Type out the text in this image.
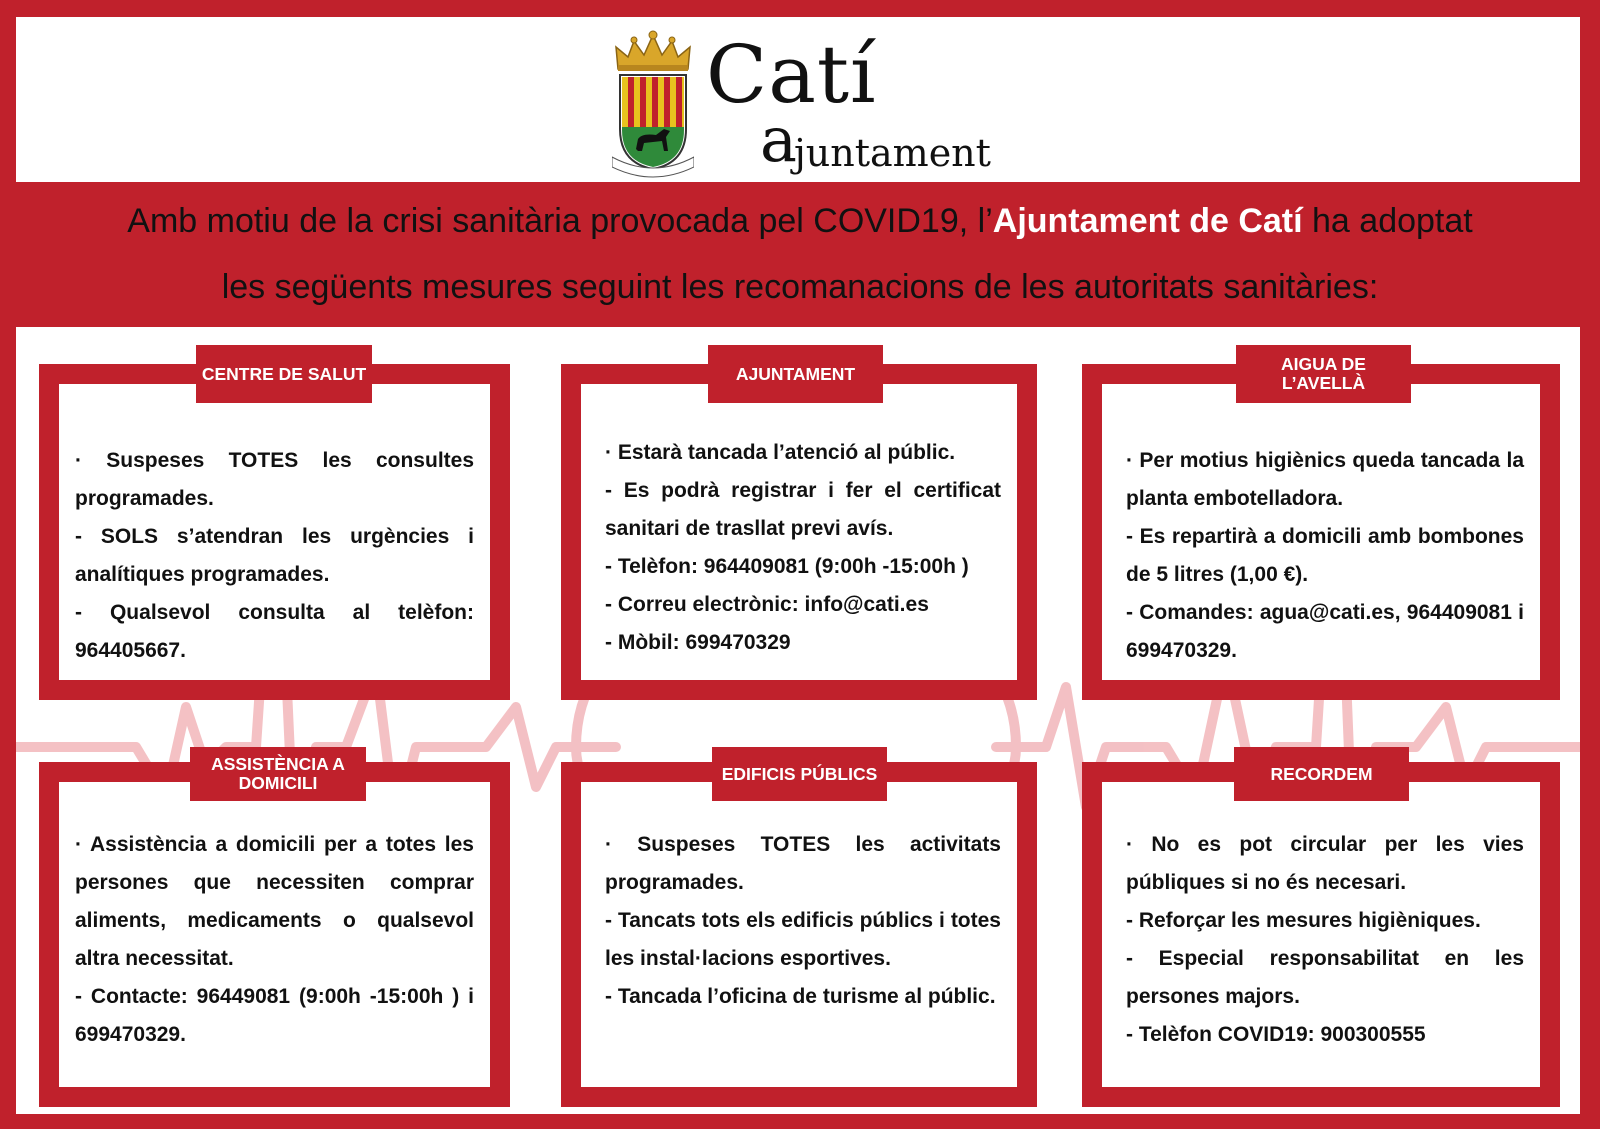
Catí
a
juntament
Amb motiu de la crisi sanitària provocada pel COVID19, l’Ajuntament de Catí ha adoptat
les següents mesures seguint les recomanacions de les autoritats sanitàries:

· Suspeses TOTES les consultes programades.

- SOLS s’atendran les urgències i analítiques programades.

- Qualsevol consulta al telèfon: 964405667.

CENTRE DE SALUT

· Estarà tancada l’atenció al públic.

- Es podrà registrar i fer el certificat sanitari de trasllat previ avís.

- Telèfon: 964409081 (9:00h -15:00h )

- Correu electrònic: info@cati.es

- Mòbil: 699470329

AJUNTAMENT

· Per motius higiènics queda tancada la planta embotelladora.

- Es repartirà a domicili amb bombones de 5 litres (1,00 €).

- Comandes: agua@cati.es, 964409081 i 699470329.

AIGUA DE L’AVELLÀ

· Assistència a domicili per a totes les persones que necessiten comprar aliments, medicaments o qualsevol altra necessitat.

- Contacte: 96449081 (9:00h -15:00h ) i 699470329.

ASSISTÈNCIA A DOMICILI

· Suspeses TOTES les activitats programades.

- Tancats tots els edificis públics i totes les instal·lacions esportives.

- Tancada l’oficina de turisme al públic.

EDIFICIS PÚBLICS

· No es pot circular per les vies públiques si no és necesari.

- Reforçar les mesures higièniques.

- Especial responsabilitat en les persones majors.

- Telèfon COVID19: 900300555

RECORDEM
